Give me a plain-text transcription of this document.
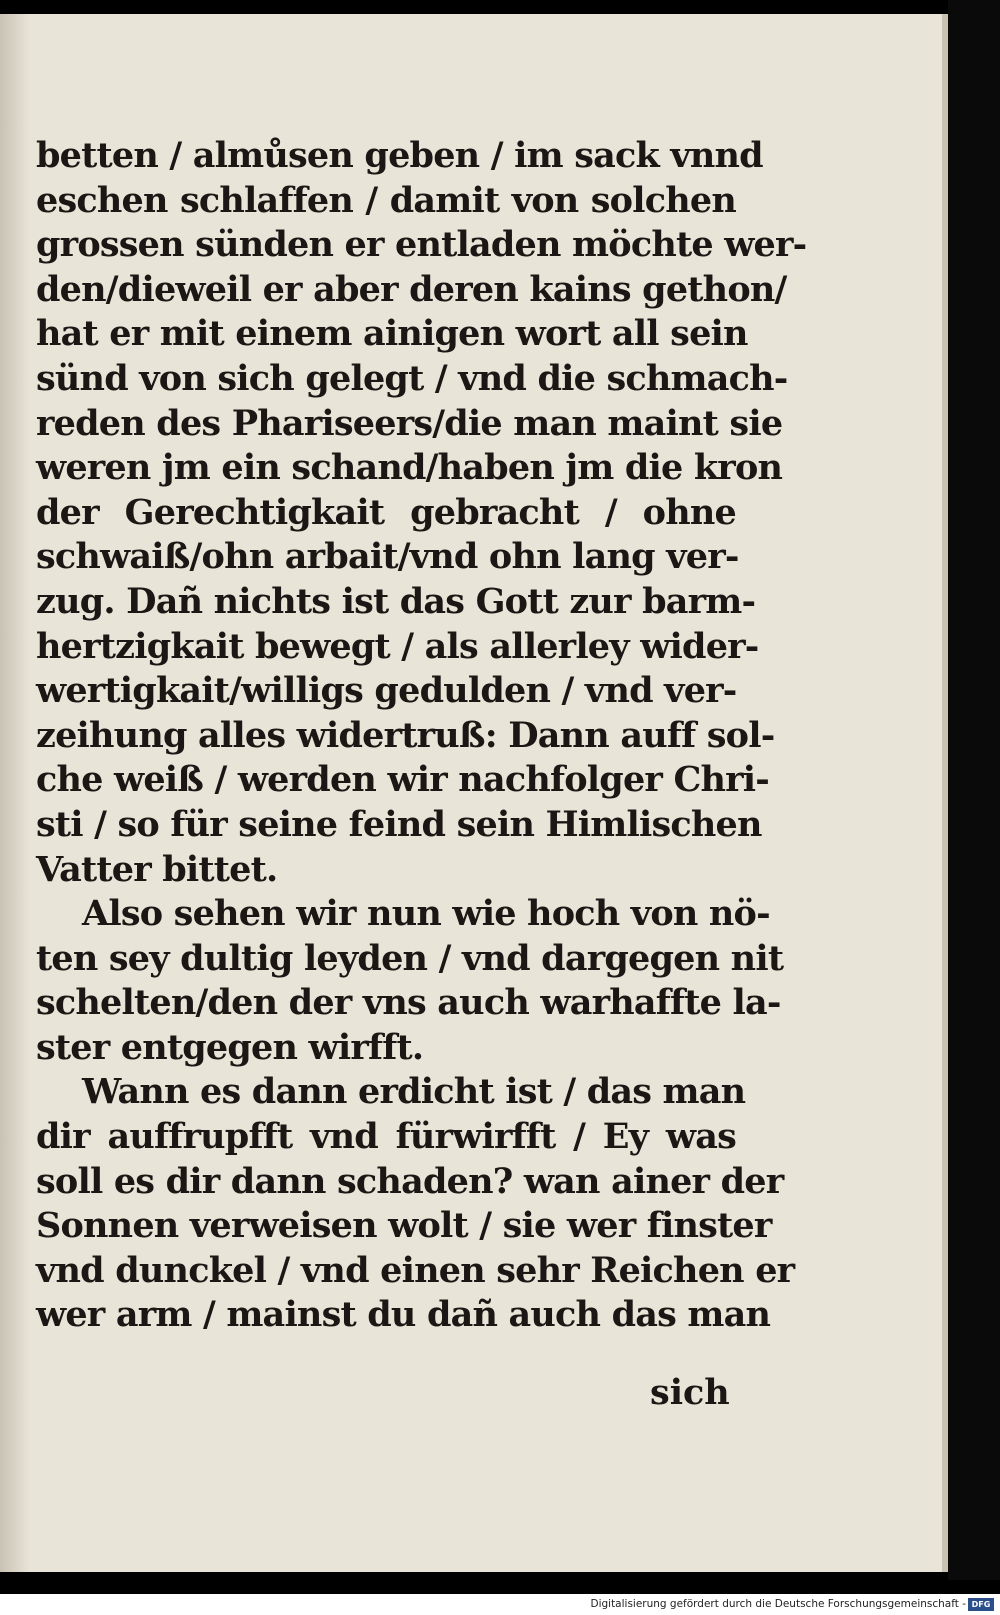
betten / almůsen geben / im sack vnnd
eschen schlaffen / damit von solchen
grossen sünden er entladen möchte wer-
den/dieweil er aber deren kains gethon/
hat er mit einem ainigen wort all sein
sünd von sich gelegt / vnd die schmach-
reden des Phariseers/die man maint sie
weren jm ein schand/haben jm die kron
der Gerechtigkait gebracht / ohne
schwaiß/ohn arbait/vnd ohn lang ver-
zug. Dañ nichts ist das Gott zur barm-
hertzigkait bewegt / als allerley wider-
wertigkait/willigs gedulden / vnd ver-
zeihung alles widertruß: Dann auff sol-
che weiß / werden wir nachfolger Chri-
sti / so für seine feind sein Himlischen
Vatter bittet.
Also sehen wir nun wie hoch von nö-
ten sey dultig leyden / vnd dargegen nit
schelten/den der vns auch warhaffte la-
ster entgegen wirfft.
Wann es dann erdicht ist / das man
dir auffrupfft vnd fürwirfft / Ey was
soll es dir dann schaden? wan ainer der
Sonnen verweisen wolt / sie wer finster
vnd dunckel / vnd einen sehr Reichen er
wer arm / mainst du dañ auch das man
sich
Digitalisierung gefördert durch die Deutsche Forschungsgemeinschaft - DFG
